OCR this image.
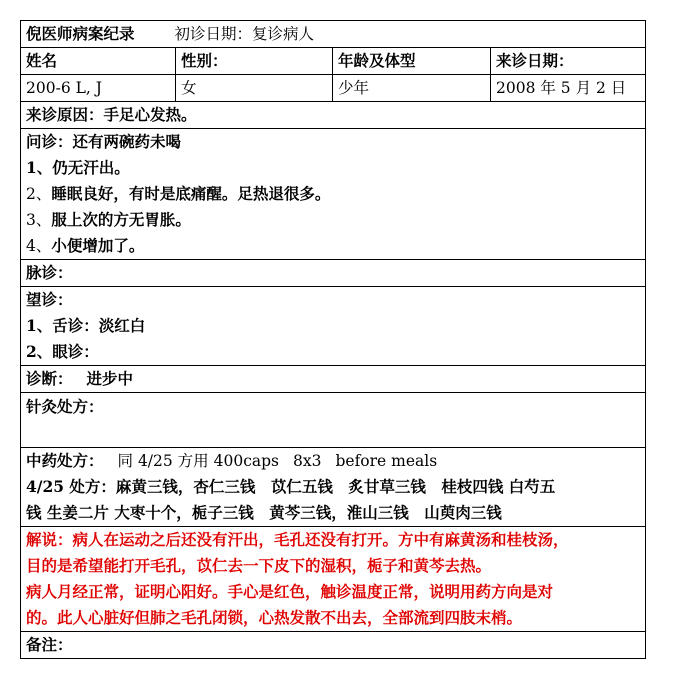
倪医师病案纪录 初诊日期：复诊病人			
姓名	性别：	年龄及体型	来诊日期：
200-6 L, J	女	少年	2008 年 5 月 2 日
来诊原因：手足心发热。			

问诊：还有两碗药未喝
1、仍无汗出。
2、睡眠良好，有时是底痛醒。足热退很多。
3、服上次的方无胃胀。
4、小便增加了。			

脉诊：			

望诊：
1、舌诊：淡红白
2、眼诊：			

诊断： 进步中			
针灸处方：			

中药处方： 同 4/25 方用 400caps 8x3 before meals
4/25 处方：麻黄三钱，杏仁三钱　苡仁五钱　炙甘草三钱　桂枝四钱 白芍五
钱 生姜二片 大枣十个，栀子三钱　黄芩三钱，淮山三钱　山萸肉三钱			

解说：病人在运动之后还没有汗出，毛孔还没有打开。方中有麻黄汤和桂枝汤，
目的是希望能打开毛孔，苡仁去一下皮下的湿积，栀子和黄芩去热。
病人月经正常，证明心阳好。手心是红色，触诊温度正常，说明用药方向是对
的。此人心脏好但肺之毛孔闭锁，心热发散不出去，全部流到四肢末梢。			

备注：			
